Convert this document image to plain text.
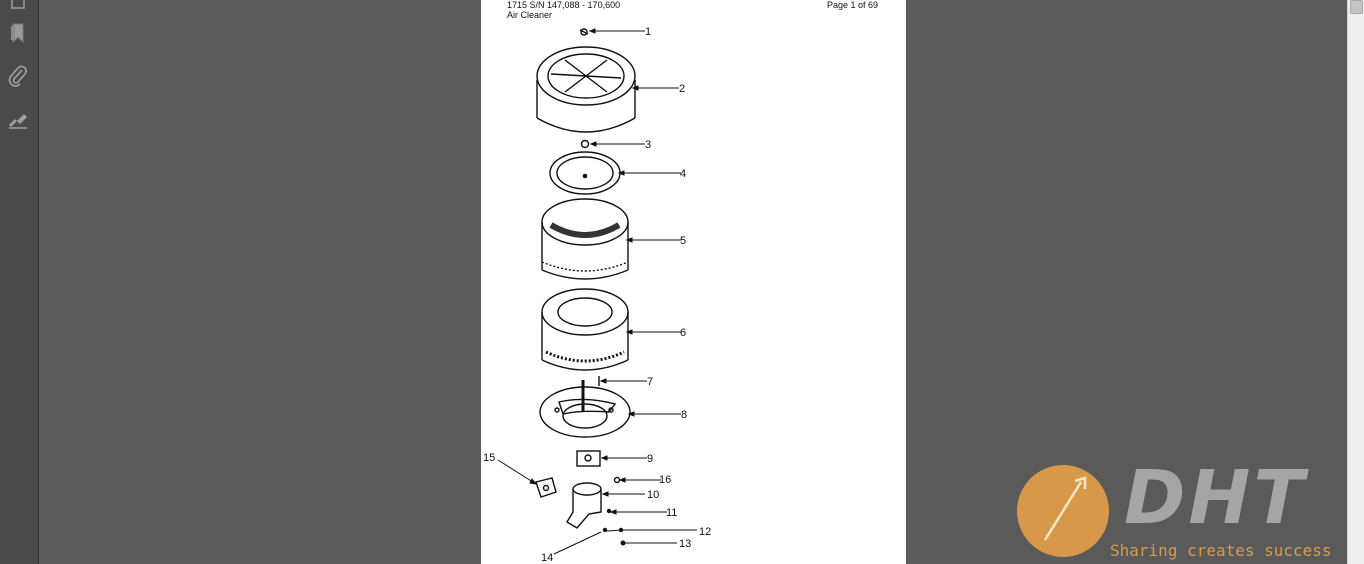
1715 S/N 147,088 - 170,600
Air Cleaner
Page 1 of 69
1
2
3
4
5
6
7
8
9
10
11
12
13
14
15
16	DHT
Sharing creates success
